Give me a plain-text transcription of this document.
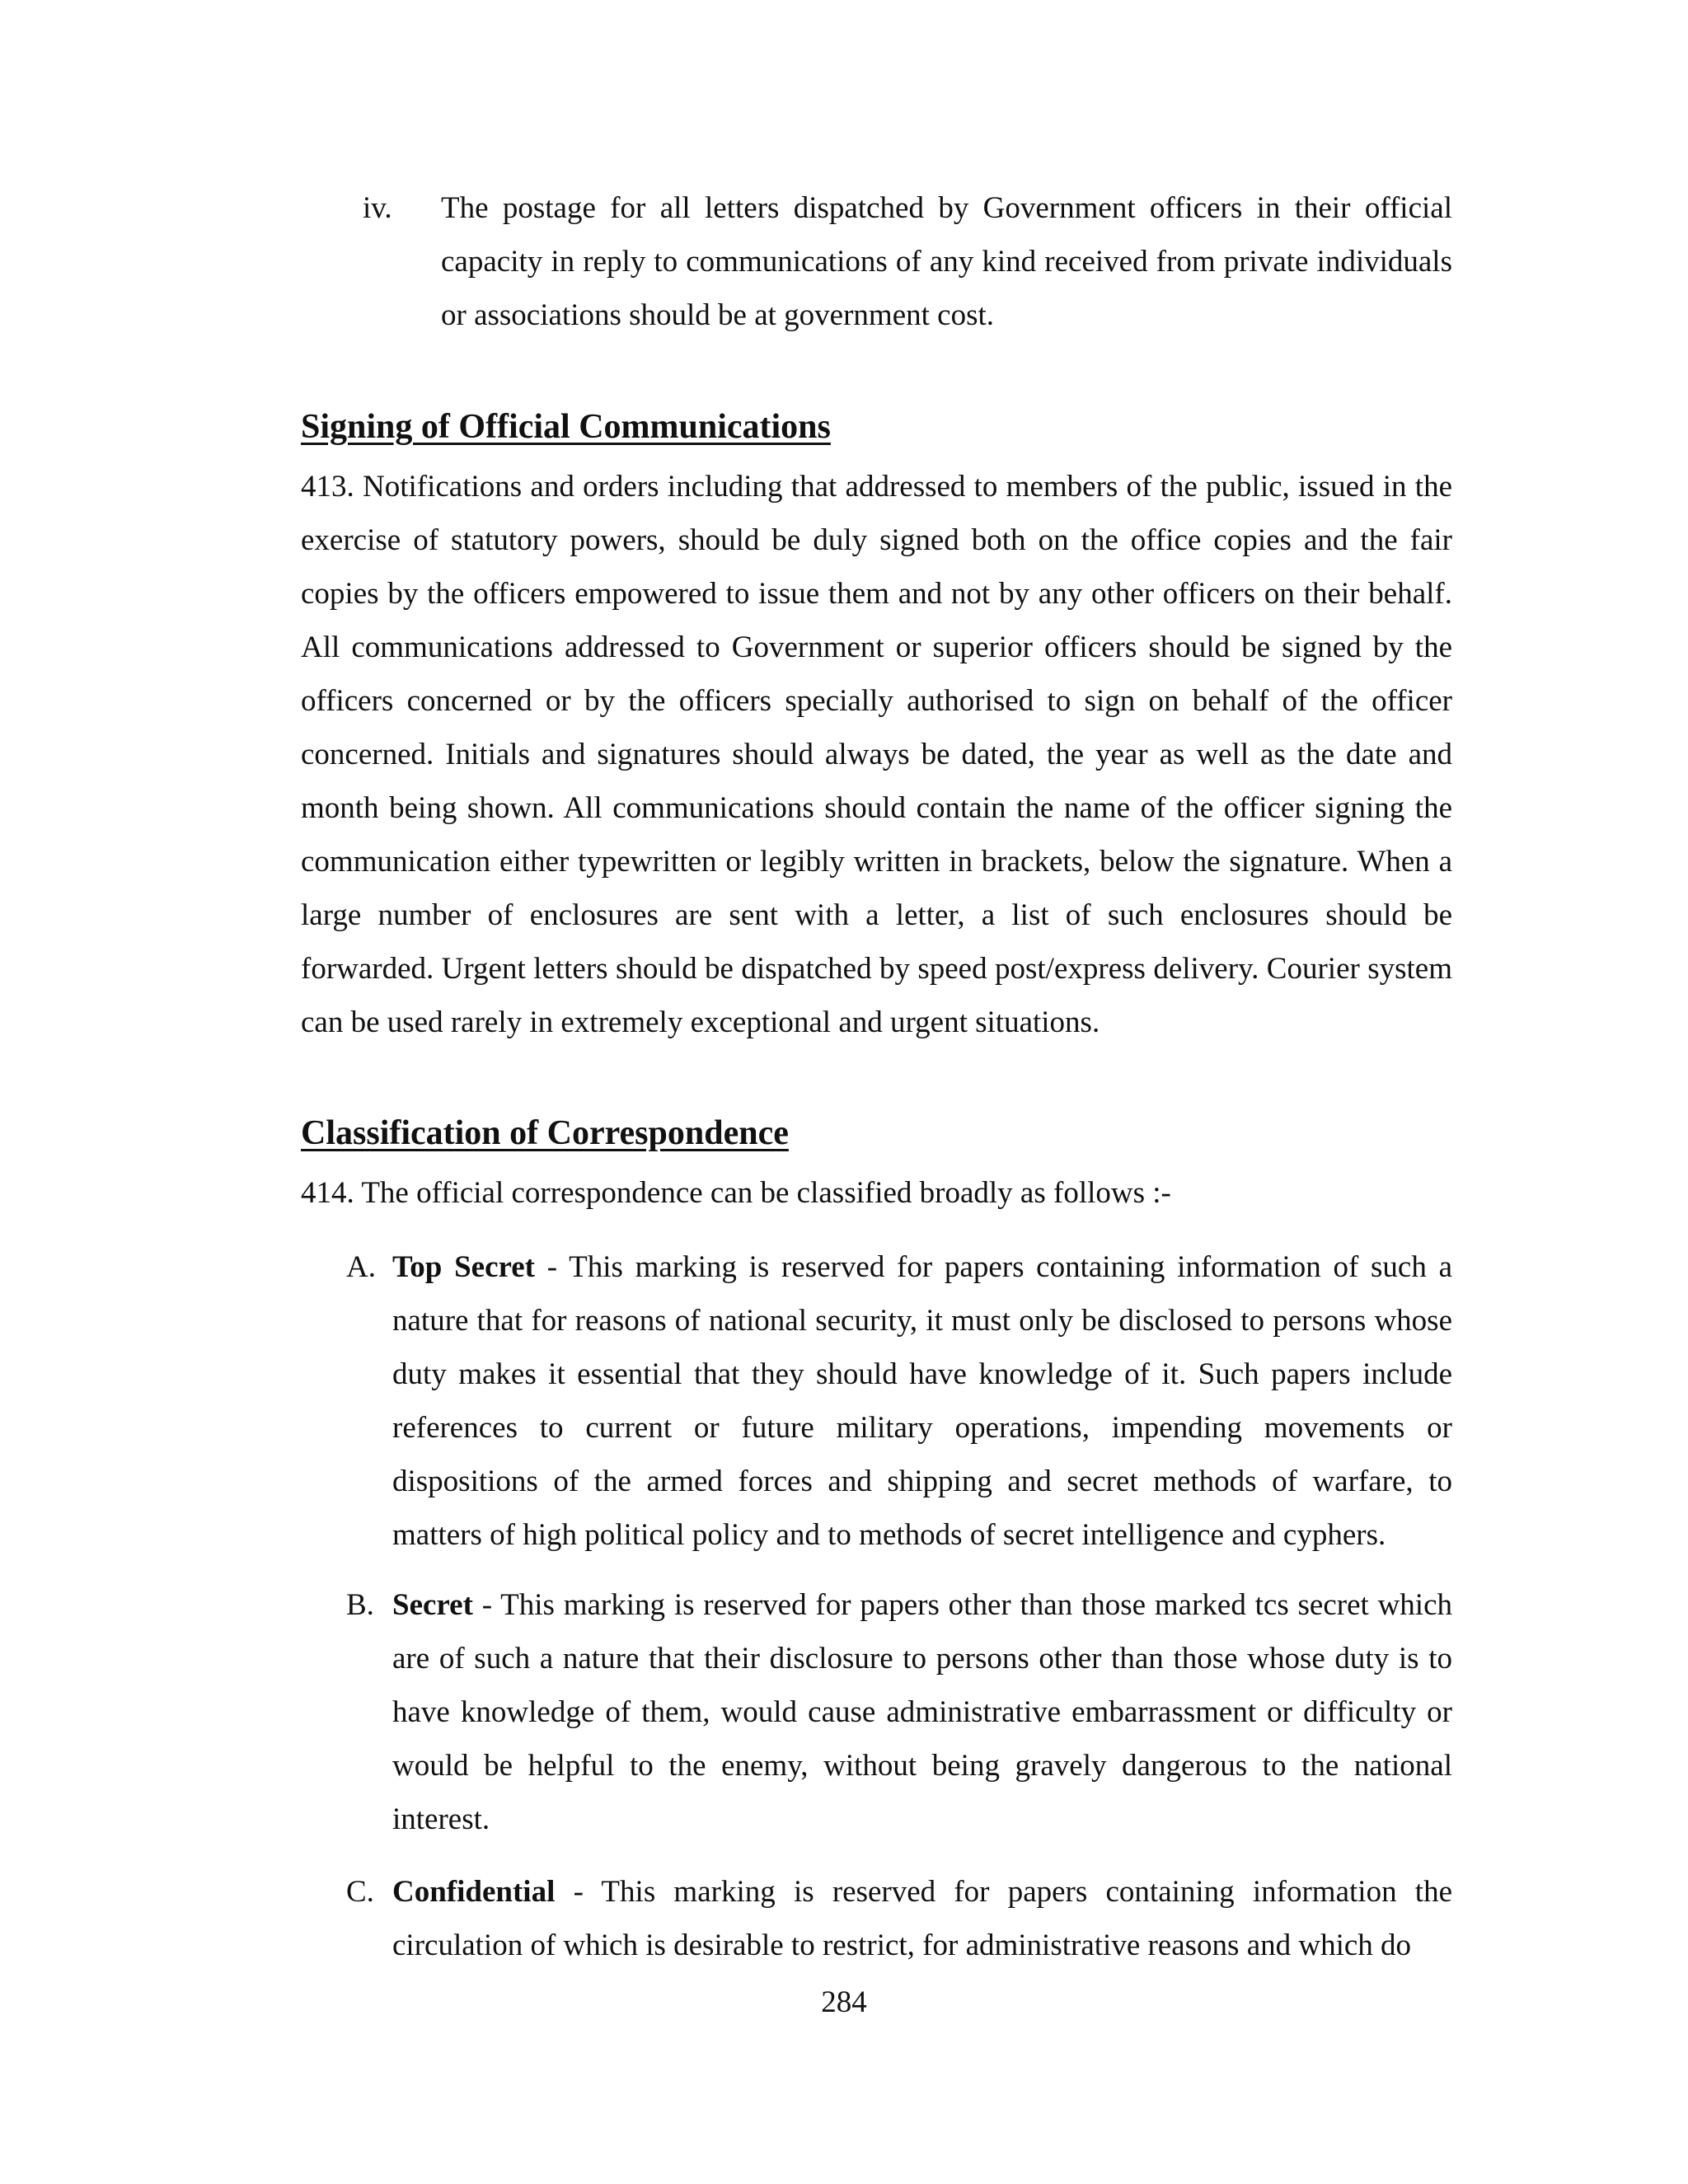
iv. The postage for all letters dispatched by Government officers in their official capacity in reply to communications of any kind received from private individuals or associations should be at government cost.

Signing of Official Communications

413. Notifications and orders including that addressed to members of the public, issued in the exercise of statutory powers, should be duly signed both on the office copies and the fair copies by the officers empowered to issue them and not by any other officers on their behalf. All communications addressed to Government or superior officers should be signed by the officers concerned or by the officers specially authorised to sign on behalf of the officer concerned. Initials and signatures should always be dated, the year as well as the date and month being shown. All communications should contain the name of the officer signing the communication either typewritten or legibly written in brackets, below the signature. When a large number of enclosures are sent with a letter, a list of such enclosures should be forwarded. Urgent letters should be dispatched by speed post/express delivery. Courier system can be used rarely in extremely exceptional and urgent situations.

Classification of Correspondence

414. The official correspondence can be classified broadly as follows :-

A. Top Secret - This marking is reserved for papers containing information of such a nature that for reasons of national security, it must only be disclosed to persons whose duty makes it essential that they should have knowledge of it. Such papers include references to current or future military operations, impending movements or dispositions of the armed forces and shipping and secret methods of warfare, to matters of high political policy and to methods of secret intelligence and cyphers.

B. Secret - This marking is reserved for papers other than those marked tcs secret which are of such a nature that their disclosure to persons other than those whose duty is to have knowledge of them, would cause administrative embarrassment or difficulty or would be helpful to the enemy, without being gravely dangerous to the national interest.

C. Confidential - This marking is reserved for papers containing information the circulation of which is desirable to restrict, for administrative reasons and which do

284
